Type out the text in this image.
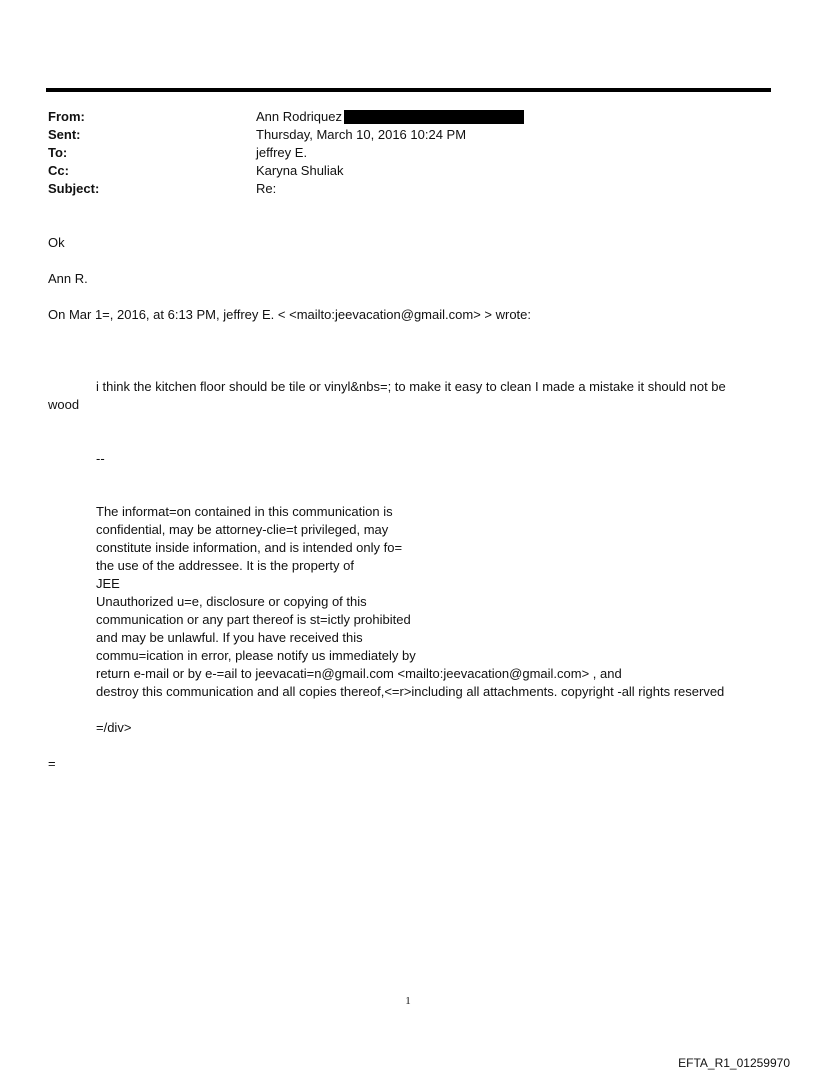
From:	Ann Rodriquez
Sent:	Thursday, March 10, 2016 10:24 PM
To:	jeffrey E.
Cc:	Karyna Shuliak
Subject:	Re:
Ok
Ann R.
On Mar 1=, 2016, at 6:13 PM, jeffrey E. < <mailto:jeevacation@gmail.com> > wrote:
i think the kitchen floor should be tile or vinyl&nbs=; to make it easy to clean I made a mistake it should not be
wood
--
The informat=on contained in this communication is
confidential, may be attorney-clie=t privileged, may
constitute inside information, and is intended only fo=
the use of the addressee. It is the property of
JEE
Unauthorized u=e, disclosure or copying of this
communication or any part thereof is st=ictly prohibited
and may be unlawful. If you have received this
commu=ication in error, please notify us immediately by
return e-mail or by e-=ail to jeevacati=n@gmail.com <mailto:jeevacation@gmail.com> , and
destroy this communication and all copies thereof,<=r>including all attachments. copyright -all rights reserved
=/div>
=
1
EFTA_R1_01259970
